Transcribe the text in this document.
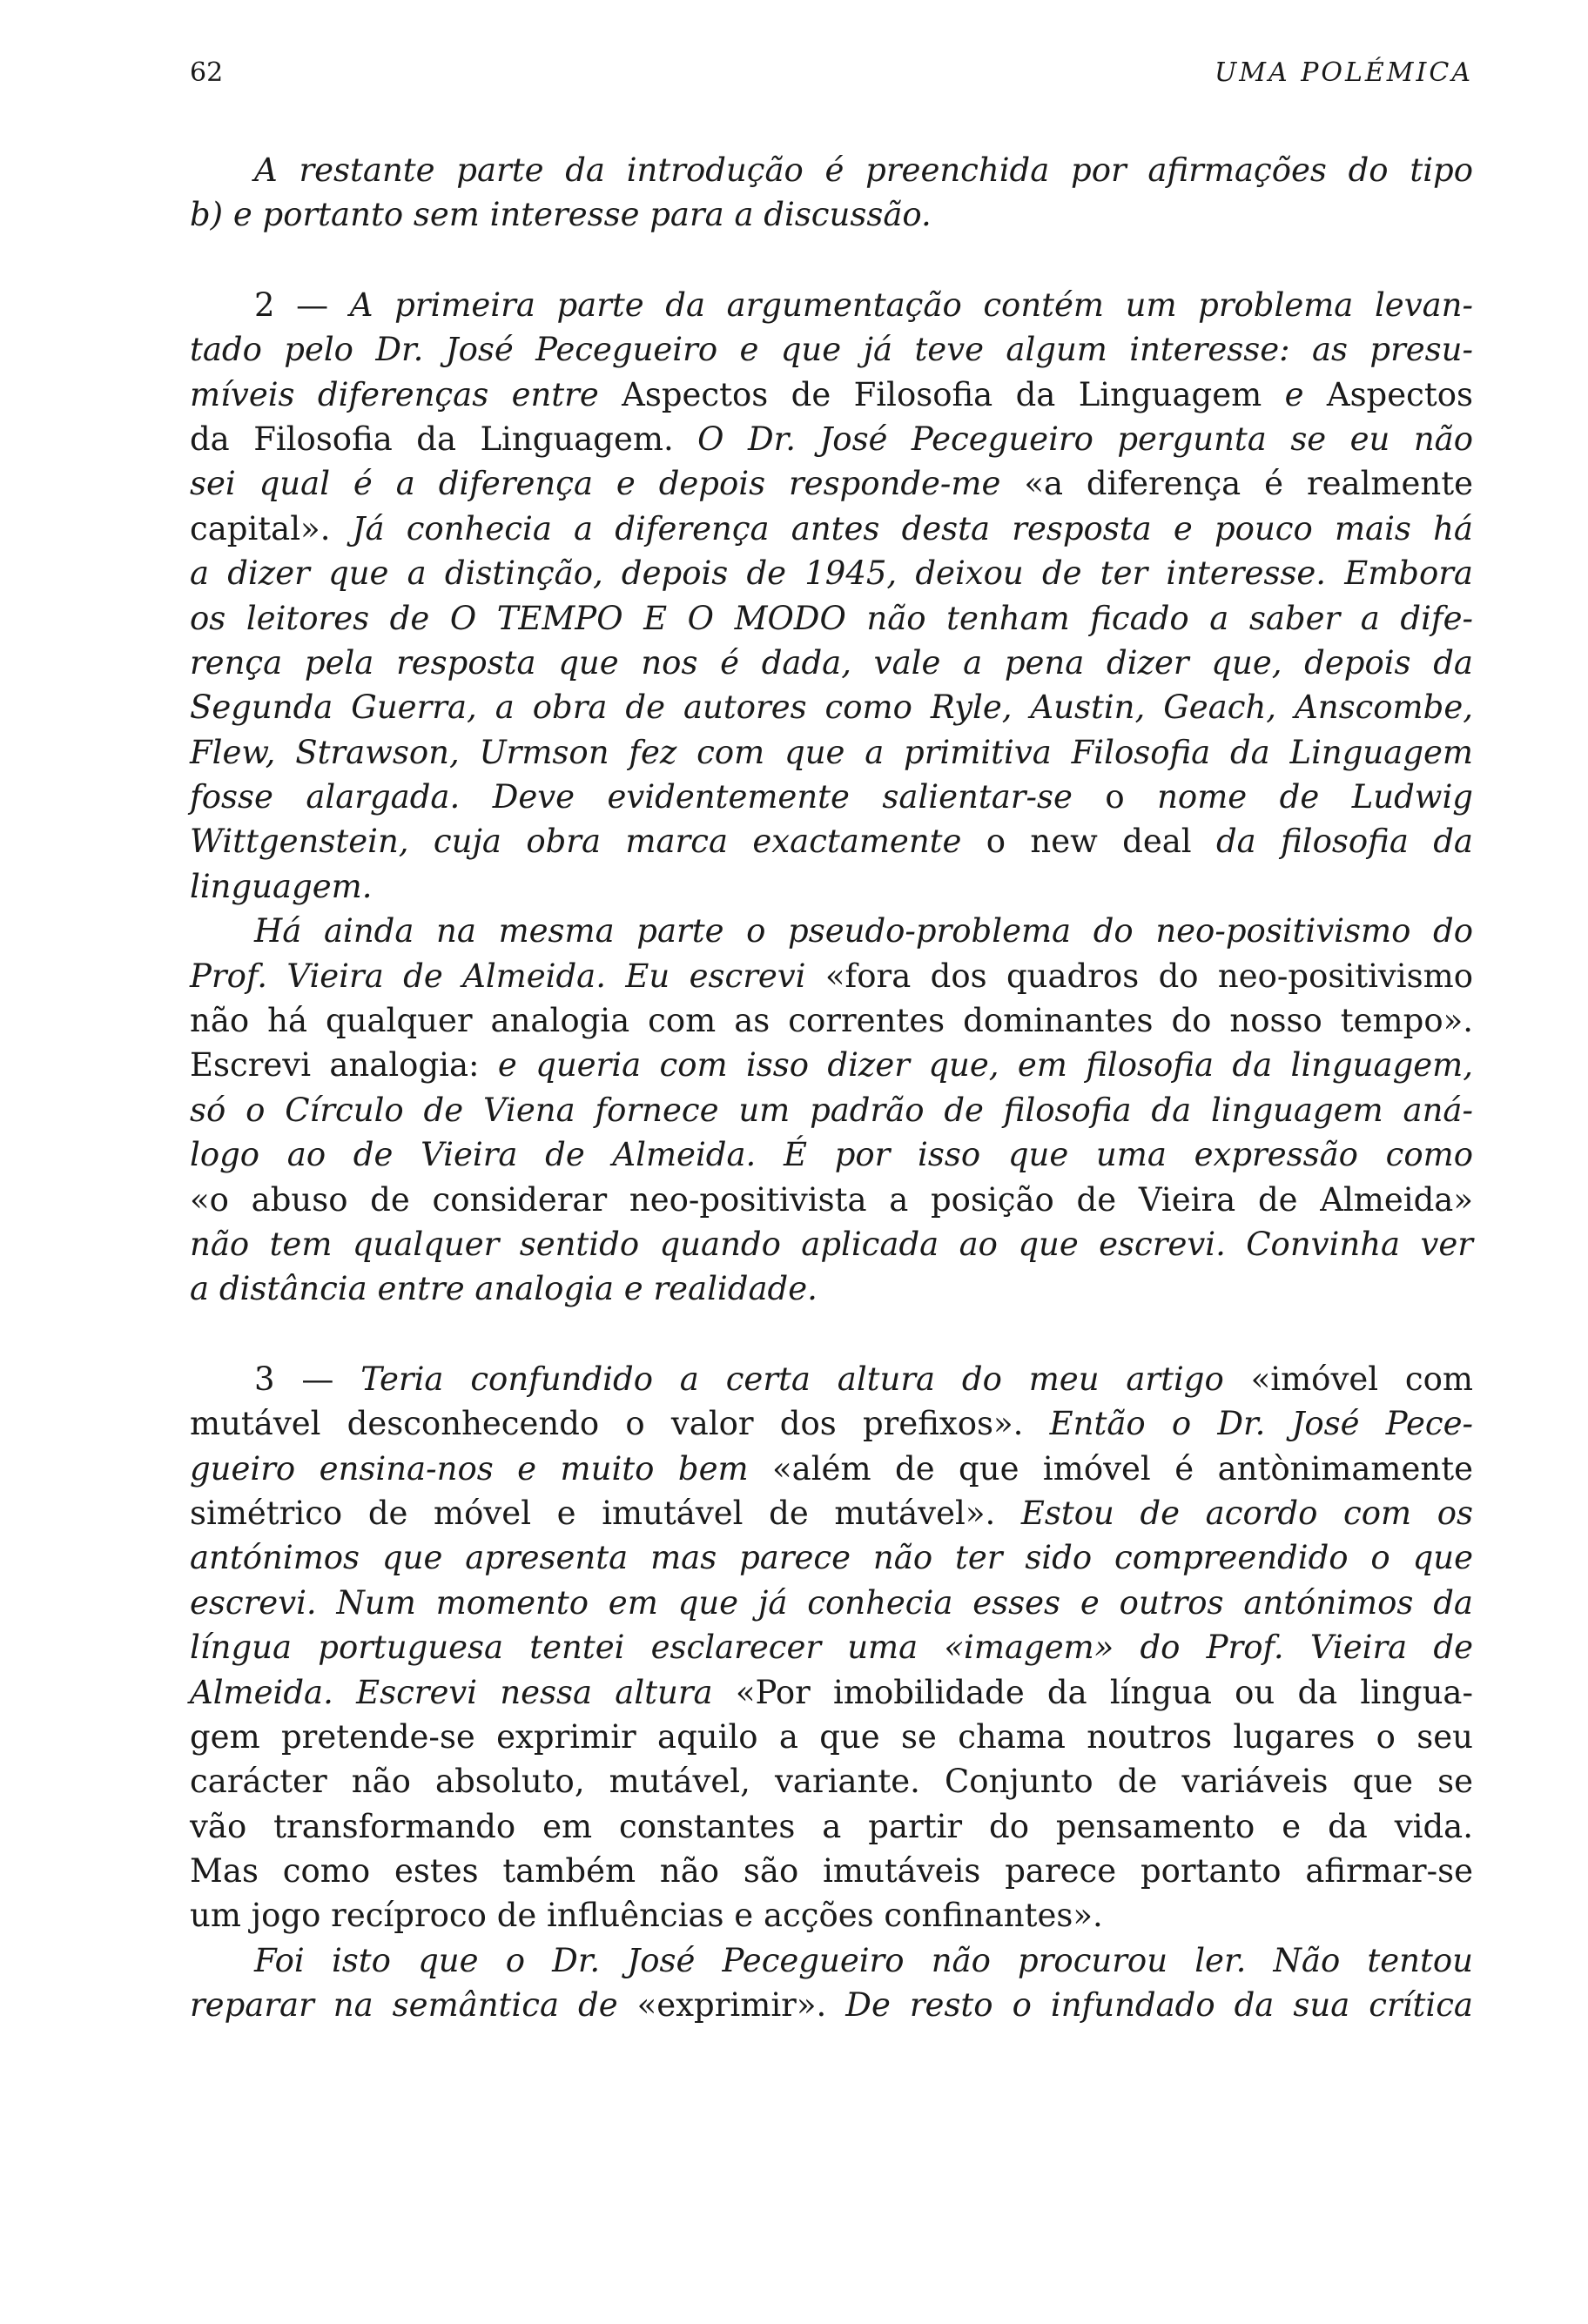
62	UMA POLÉMICA
A restante parte da introdução é preenchida por afirmações do tipo
b) e portanto sem interesse para a discussão.
2 — A primeira parte da argumentação contém um problema levan-
tado pelo Dr. José Pecegueiro e que já teve algum interesse: as presu-
míveis diferenças entre Aspectos de Filosofia da Linguagem e Aspectos
da Filosofia da Linguagem. O Dr. José Pecegueiro pergunta se eu não
sei qual é a diferença e depois responde-me «a diferença é realmente
capital». Já conhecia a diferença antes desta resposta e pouco mais há
a dizer que a distinção, depois de 1945, deixou de ter interesse. Embora
os leitores de O TEMPO E O MODO não tenham ficado a saber a dife-
rença pela resposta que nos é dada, vale a pena dizer que, depois da
Segunda Guerra, a obra de autores como Ryle, Austin, Geach, Anscombe,
Flew, Strawson, Urmson fez com que a primitiva Filosofia da Linguagem
fosse alargada. Deve evidentemente salientar-se o nome de Ludwig
Wittgenstein, cuja obra marca exactamente o new deal da filosofia da
linguagem.
Há ainda na mesma parte o pseudo-problema do neo-positivismo do
Prof. Vieira de Almeida. Eu escrevi «fora dos quadros do neo-positivismo
não há qualquer analogia com as correntes dominantes do nosso tempo».
Escrevi analogia: e queria com isso dizer que, em filosofia da linguagem,
só o Círculo de Viena fornece um padrão de filosofia da linguagem aná-
logo ao de Vieira de Almeida. É por isso que uma expressão como
«o abuso de considerar neo-positivista a posição de Vieira de Almeida»
não tem qualquer sentido quando aplicada ao que escrevi. Convinha ver
a distância entre analogia e realidade.
3 — Teria confundido a certa altura do meu artigo «imóvel com
mutável desconhecendo o valor dos prefixos». Então o Dr. José Pece-
gueiro ensina-nos e muito bem «além de que imóvel é antònimamente
simétrico de móvel e imutável de mutável». Estou de acordo com os
antónimos que apresenta mas parece não ter sido compreendido o que
escrevi. Num momento em que já conhecia esses e outros antónimos da
língua portuguesa tentei esclarecer uma «imagem» do Prof. Vieira de
Almeida. Escrevi nessa altura «Por imobilidade da língua ou da lingua-
gem pretende-se exprimir aquilo a que se chama noutros lugares o seu
carácter não absoluto, mutável, variante. Conjunto de variáveis que se
vão transformando em constantes a partir do pensamento e da vida.
Mas como estes também não são imutáveis parece portanto afirmar-se
um jogo recíproco de influências e acções confinantes».
Foi isto que o Dr. José Pecegueiro não procurou ler. Não tentou
reparar na semântica de «exprimir». De resto o infundado da sua crítica
